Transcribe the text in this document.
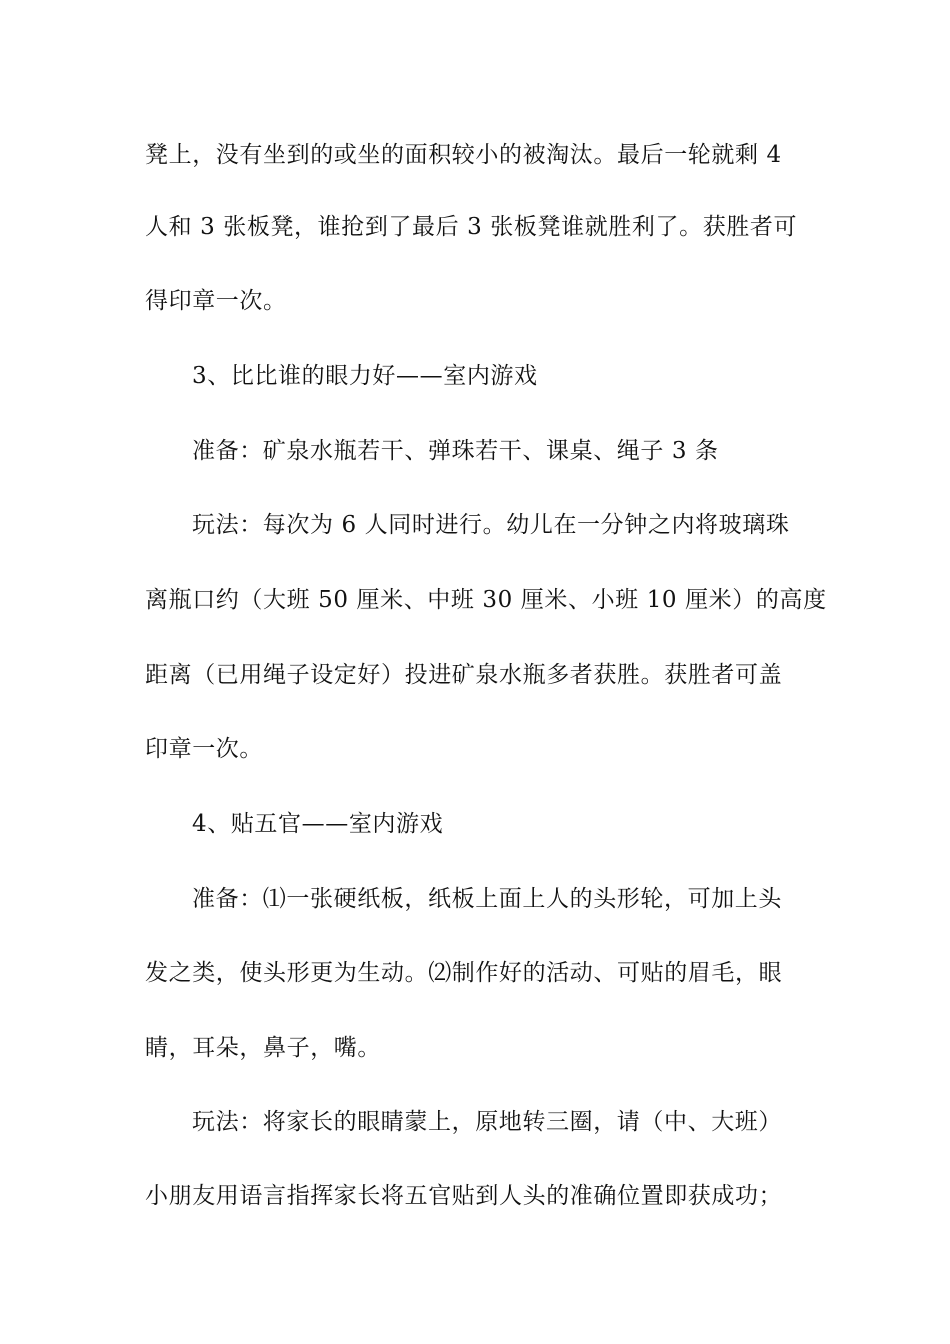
凳上，没有坐到的或坐的面积较小的被淘汰。最后一轮就剩 4
人和 3 张板凳，谁抢到了最后 3 张板凳谁就胜利了。获胜者可
得印章一次。
3、比比谁的眼力好——室内游戏
准备：矿泉水瓶若干、弹珠若干、课桌、绳子 3 条
玩法：每次为 6 人同时进行。幼儿在一分钟之内将玻璃珠
离瓶口约（大班 50 厘米、中班 30 厘米、小班 10 厘米）的高度
距离（已用绳子设定好）投进矿泉水瓶多者获胜。获胜者可盖
印章一次。
4、贴五官——室内游戏
准备：⑴一张硬纸板，纸板上面上人的头形轮，可加上头
发之类，使头形更为生动。⑵制作好的活动、可贴的眉毛，眼
睛，耳朵，鼻子，嘴。
玩法：将家长的眼睛蒙上，原地转三圈，请（中、大班）
小朋友用语言指挥家长将五官贴到人头的准确位置即获成功；
